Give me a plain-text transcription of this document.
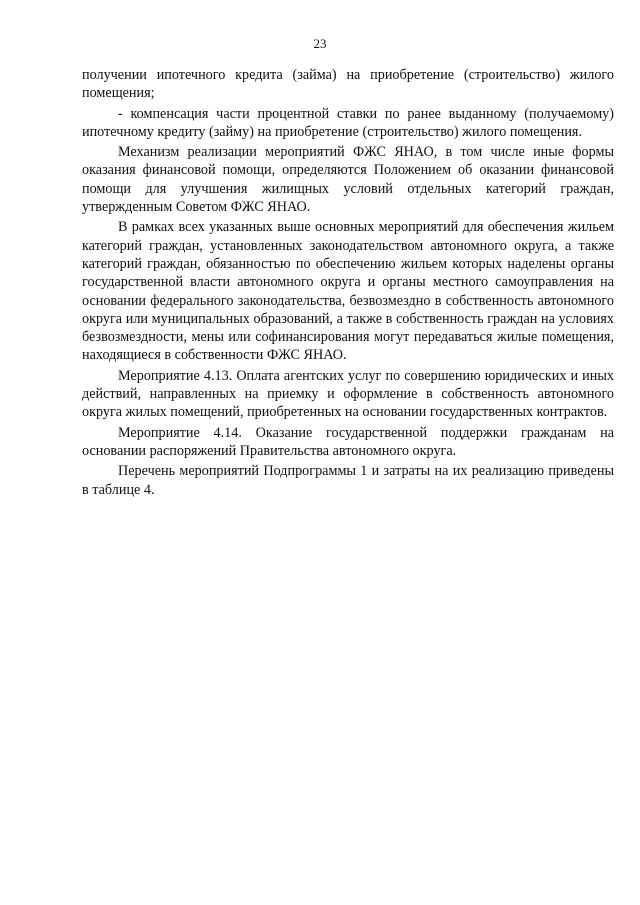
23

получении ипотечного кредита (займа) на приобретение (строительство) жилого помещения;

- компенсация части процентной ставки по ранее выданному (получаемому) ипотечному кредиту (займу) на приобретение (строительство) жилого помещения.

Механизм реализации мероприятий ФЖС ЯНАО, в том числе иные формы оказания финансовой помощи, определяются Положением об оказании финансовой помощи для улучшения жилищных условий отдельных категорий граждан, утвержденным Советом ФЖС ЯНАО.

В рамках всех указанных выше основных мероприятий для обеспечения жильем категорий граждан, установленных законодательством автономного округа, а также категорий граждан, обязанностью по обеспечению жильем которых наделены органы государственной власти автономного округа и органы местного самоуправления на основании федерального законодательства, безвозмездно в собственность автономного округа или муниципальных образований, а также в собственность граждан на условиях безвозмездности, мены или софинансирования могут передаваться жилые помещения, находящиеся в собственности ФЖС ЯНАО.

Мероприятие 4.13. Оплата агентских услуг по совершению юридических и иных действий, направленных на приемку и оформление в собственность автономного округа жилых помещений, приобретенных на основании государственных контрактов.

Мероприятие 4.14. Оказание государственной поддержки гражданам на основании распоряжений Правительства автономного округа.

Перечень мероприятий Подпрограммы 1 и затраты на их реализацию приведены в таблице 4.
